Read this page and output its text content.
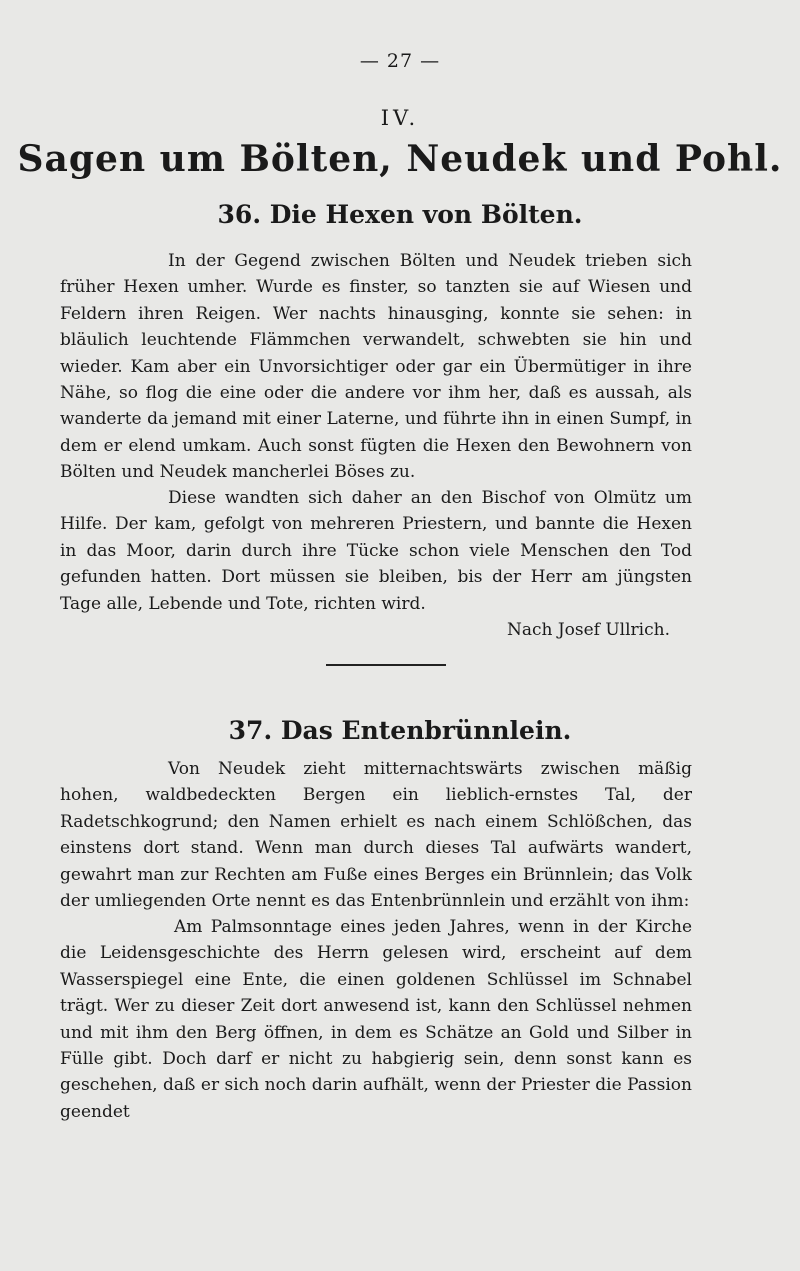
— 27 —
IV.
Sagen um Bölten, Neudek und Pohl.
36. Die Hexen von Bölten.

In der Gegend zwischen Bölten und Neudek trieben sich früher Hexen umher. Wurde es finster, so tanzten sie auf Wiesen und Feldern ihren Reigen. Wer nachts hinausging, konnte sie sehen: in bläulich leuchtende Flämmchen verwandelt, schwebten sie hin und wieder. Kam aber ein Unvorsichtiger oder gar ein Übermütiger in ihre Nähe, so flog die eine oder die andere vor ihm her, daß es aussah, als wanderte da jemand mit einer Laterne, und führte ihn in einen Sumpf, in dem er elend umkam. Auch sonst fügten die Hexen den Bewohnern von Bölten und Neudek mancherlei Böses zu.

Diese wandten sich daher an den Bischof von Olmütz um Hilfe. Der kam, gefolgt von mehreren Priestern, und bannte die Hexen in das Moor, darin durch ihre Tücke schon viele Menschen den Tod gefunden hatten. Dort müssen sie bleiben, bis der Herr am jüngsten Tage alle, Lebende und Tote, richten wird.

Nach Josef Ullrich.
37. Das Entenbrünnlein.

Von Neudek zieht mitternachtswärts zwischen mäßig hohen, waldbedeckten Bergen ein lieblich-ernstes Tal, der Radetschkogrund; den Namen erhielt es nach einem Schlößchen, das einstens dort stand. Wenn man durch dieses Tal aufwärts wandert, gewahrt man zur Rechten am Fuße eines Berges ein Brünnlein; das Volk der umliegenden Orte nennt es das Entenbrünnlein und erzählt von ihm:

Am Palmsonntage eines jeden Jahres, wenn in der Kirche die Leidensgeschichte des Herrn gelesen wird, erscheint auf dem Wasserspiegel eine Ente, die einen goldenen Schlüssel im Schnabel trägt. Wer zu dieser Zeit dort anwesend ist, kann den Schlüssel nehmen und mit ihm den Berg öffnen, in dem es Schätze an Gold und Silber in Fülle gibt. Doch darf er nicht zu habgierig sein, denn sonst kann es geschehen, daß er sich noch darin aufhält, wenn der Priester die Passion geendet
